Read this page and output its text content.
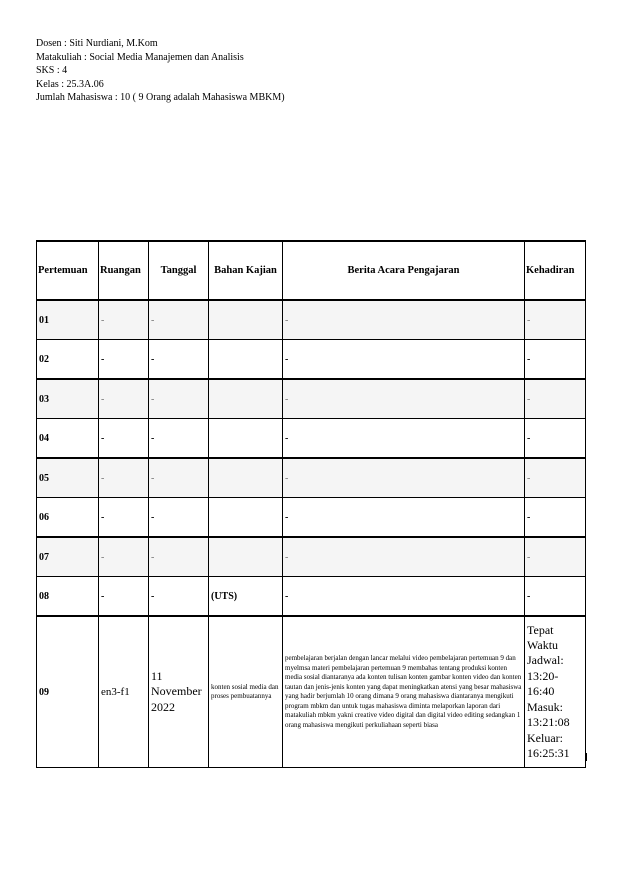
Dosen : Siti Nurdiani, M.Kom
Matakuliah : Social Media Manajemen dan Analisis
SKS : 4
Kelas : 25.3A.06
Jumlah Mahasiswa : 10 ( 9 Orang adalah Mahasiswa MBKM)
Pertemuan	Ruangan	Tanggal	Bahan Kajian	Berita Acara Pengajaran	Kehadiran
01	-	-		-	-
02	-	-		-	-
03	-	-		-	-
04	-	-		-	-
05	-	-		-	-
06	-	-		-	-
07	-	-		-	-
08	-	-	(UTS)	-	-
09	en3-f1	11 November 2022	konten sosial media dan proses pembuatannya	pembelajaran berjalan dengan lancar melalui video pembelajaran pertemuan 9 dan myelmsa materi pembelajaran pertemuan 9 membahas tentang produksi konten media sosial diantaranya ada konten tulisan konten gambar konten video dan konten tautan dan jenis-jenis konten yang dapat meningkatkan atensi yang besar mahasiswa yang hadir berjumlah 10 orang dimana 9 orang mahasiswa diantaranya mengikuti program mbkm dan untuk tugas mahasiswa diminta melaporkan laporan dari matakuliah mbkm yakni creative video digital dan digital video editing sedangkan 1 orang mahasiswa mengikuti perkuliahaan seperti biasa	Tepat Waktu Jadwal: 13:20-16:40 Masuk: 13:21:08 Keluar: 16:25:31
